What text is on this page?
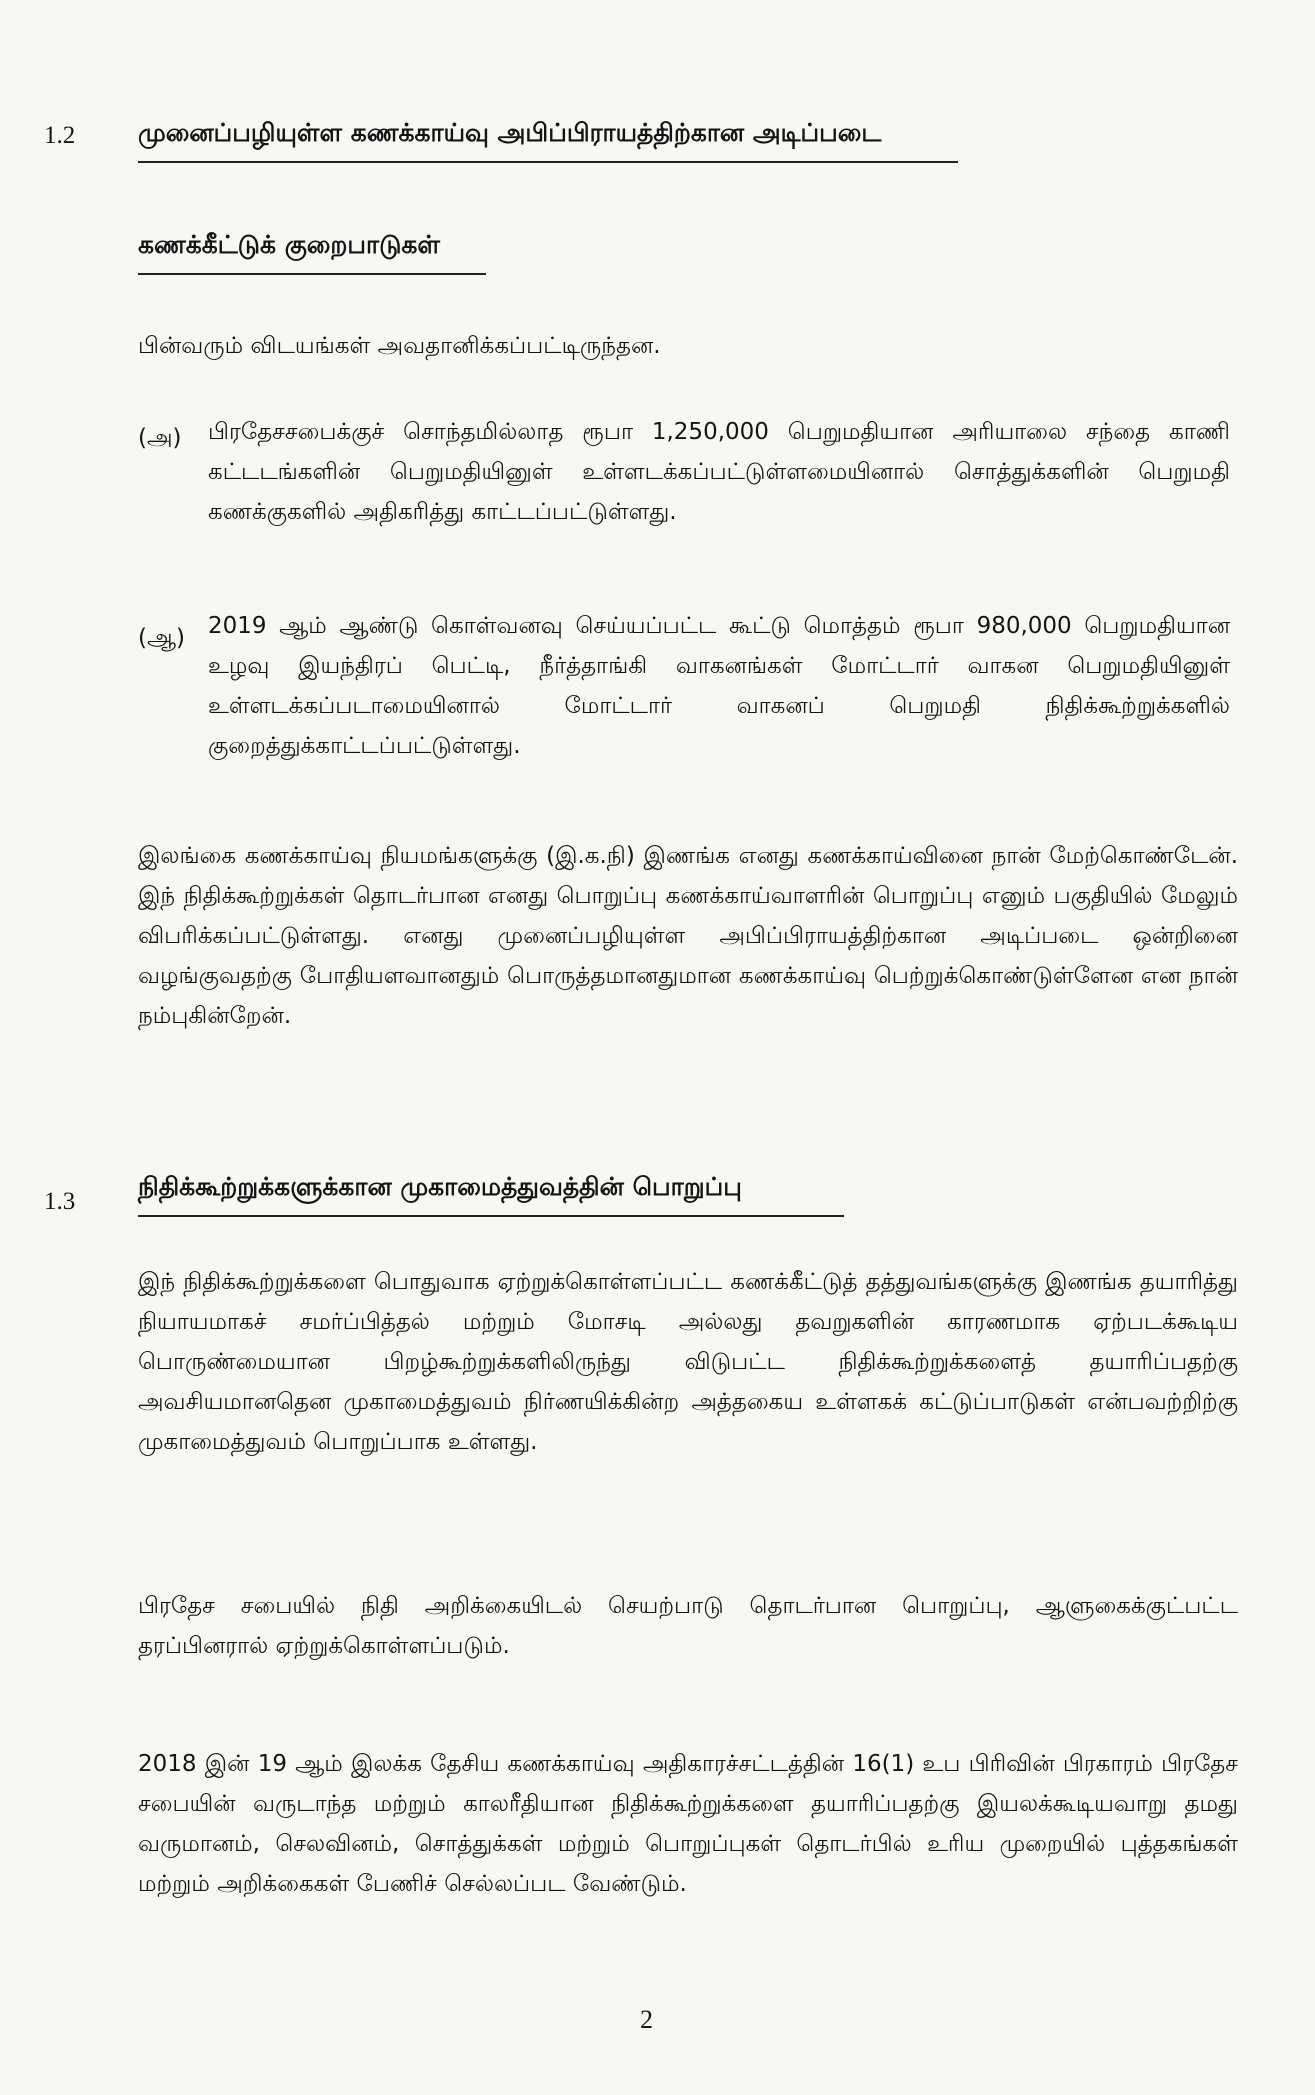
1.2	முனைப்பழியுள்ள கணக்காய்வு அபிப்பிராயத்திற்கான அடிப்படை
கணக்கீட்டுக் குறைபாடுகள்
பின்வரும் விடயங்கள் அவதானிக்கப்பட்டிருந்தன.
(அ) பிரதேசசபைக்குச் சொந்தமில்லாத ரூபா 1,250,000 பெறுமதியான அரியாலை சந்தை காணி கட்டடங்களின் பெறுமதியினுள் உள்ளடக்கப்பட்டுள்ளமையினால் சொத்துக்களின் பெறுமதி கணக்குகளில் அதிகரித்து காட்டப்பட்டுள்ளது.
(ஆ) 2019 ஆம் ஆண்டு கொள்வனவு செய்யப்பட்ட கூட்டு மொத்தம் ரூபா 980,000 பெறுமதியான உழவு இயந்திரப் பெட்டி, நீர்த்தாங்கி வாகனங்கள் மோட்டார் வாகன பெறுமதியினுள் உள்ளடக்கப்படாமையினால் மோட்டார் வாகனப் பெறுமதி நிதிக்கூற்றுக்களில் குறைத்துக்காட்டப்பட்டுள்ளது.
இலங்கை கணக்காய்வு நியமங்களுக்கு (இ.க.நி) இணங்க எனது கணக்காய்வினை நான் மேற்கொண்டேன். இந் நிதிக்கூற்றுக்கள் தொடர்பான எனது பொறுப்பு கணக்காய்வாளரின் பொறுப்பு எனும் பகுதியில் மேலும் விபரிக்கப்பட்டுள்ளது. எனது முனைப்பழியுள்ள அபிப்பிராயத்திற்கான அடிப்படை ஒன்றினை வழங்குவதற்கு போதியளவானதும் பொருத்தமானதுமான கணக்காய்வு பெற்றுக்கொண்டுள்ளேன என நான் நம்புகின்றேன்.
1.3
நிதிக்கூற்றுக்களுக்கான முகாமைத்துவத்தின் பொறுப்பு
இந் நிதிக்கூற்றுக்களை பொதுவாக ஏற்றுக்கொள்ளப்பட்ட கணக்கீட்டுத் தத்துவங்களுக்கு இணங்க தயாரித்து நியாயமாகச் சமர்ப்பித்தல் மற்றும் மோசடி அல்லது தவறுகளின் காரணமாக ஏற்படக்கூடிய பொருண்மையான பிறழ்கூற்றுக்களிலிருந்து விடுபட்ட நிதிக்கூற்றுக்களைத் தயாரிப்பதற்கு அவசியமானதென முகாமைத்துவம் நிர்ணயிக்கின்ற அத்தகைய உள்ளகக் கட்டுப்பாடுகள் என்பவற்றிற்கு முகாமைத்துவம் பொறுப்பாக உள்ளது.
பிரதேச சபையில் நிதி அறிக்கையிடல் செயற்பாடு தொடர்பான பொறுப்பு, ஆளுகைக்குட்பட்ட தரப்பினரால் ஏற்றுக்கொள்ளப்படும்.
2018 இன் 19 ஆம் இலக்க தேசிய கணக்காய்வு அதிகாரச்சட்டத்தின் 16(1) உப பிரிவின் பிரகாரம் பிரதேச சபையின் வருடாந்த மற்றும் காலரீதியான நிதிக்கூற்றுக்களை தயாரிப்பதற்கு இயலக்கூடியவாறு தமது வருமானம், செலவினம், சொத்துக்கள் மற்றும் பொறுப்புகள் தொடர்பில் உரிய முறையில் புத்தகங்கள் மற்றும் அறிக்கைகள் பேணிச் செல்லப்பட வேண்டும்.
2
